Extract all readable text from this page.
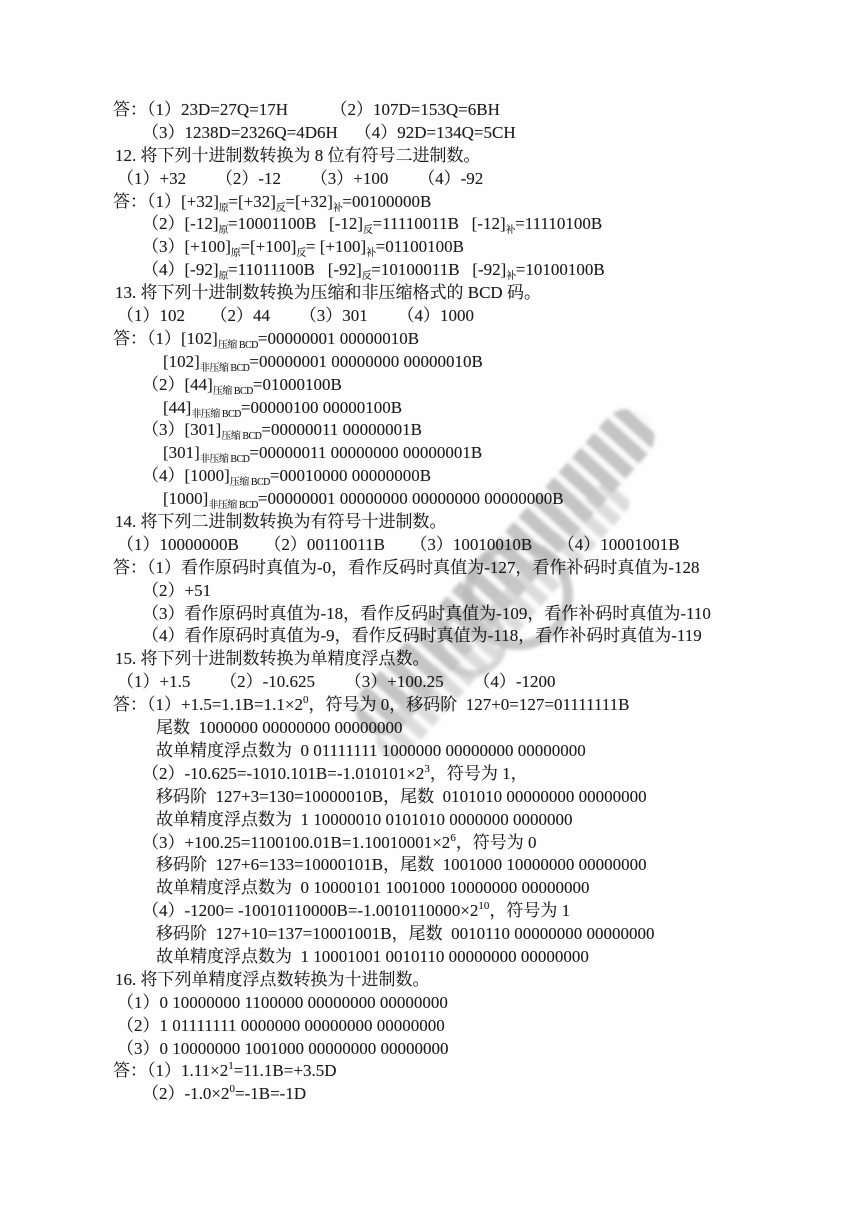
答：（1）23D=27Q=17H          （2）107D=153Q=6BH
（3）1238D=2326Q=4D6H    （4）92D=134Q=5CH
12. 将下列十进制数转换为 8 位有符号二进制数。
（1）+32       （2）-12       （3）+100       （4）-92
答：$(1)[+32]_原=[+32]_反=[+32]_补=00100000B$
$(2)[-12]_原=10001100B$   $[-12]_反=11110011B$   $[-12]_补=11110100B$
$(3)[+100]_原=[+100]_反= [+100]_补=01100100B$
$(4)[-92]_原=11011100B$   $[-92]_反=10100011B$   $[-92]_补=10100100B$
13. 将下列十进制数转换为压缩和非压缩格式的 BCD 码。
（1）102      （2）44       （3）301       （4）1000
答：$(1)[102]_{压缩 BCD}=00000001$ 00000010B
$[102]_{非压缩 BCD}=00000001$ 00000000 00000010B
$(2)[44]_{压缩 BCD}=01000100B$
$[44]_{非压缩 BCD}=00000100$ 00000100B
$(3)[301]_{压缩 BCD}=00000011$ 00000001B
$[301]_{非压缩 BCD}=00000011$ 00000000 00000001B
$(4)[1000]_{压缩 BCD}=00010000$ 00000000B
$[1000]_{非压缩 BCD}=00000001$ 00000000 00000000 00000000B
14. 将下列二进制数转换为有符号十进制数。
（1）10000000B      （2）00110011B      （3）10010010B      （4）10001001B
答：（1）看作原码时真值为-0，看作反码时真值为-127，看作补码时真值为-128
（2）+51
（3）看作原码时真值为-18，看作反码时真值为-109，看作补码时真值为-110
（4）看作原码时真值为-9，看作反码时真值为-118，看作补码时真值为-119
15. 将下列十进制数转换为单精度浮点数。
（1）+1.5       （2）-10.625       （3）+100.25       （4）-1200
答：$(1)+1.5=1.1B=1.1\times 2^0$，符号为 0，移码阶  127+0=127=01111111B
尾数  1000000 00000000 00000000
故单精度浮点数为  0 01111111 1000000 00000000 00000000
$(2)-10.625=-1010.101B=-1.010101\times 2^3$，符号为 1，
移码阶  127+3=130=10000010B，尾数  0101010 00000000 00000000
故单精度浮点数为  1 10000010 0101010 0000000 0000000
$(3)+100.25=1100100.01B=1.10010001\times 2^6$，符号为 0
移码阶  127+6=133=10000101B，尾数  1001000 10000000 00000000
故单精度浮点数为  0 10000101 1001000 10000000 00000000
$(4)-1200= -10010110000B=-1.0010110000\times 2^{10}$，符号为 1
移码阶  127+10=137=10001001B，尾数  0010110 00000000 00000000
故单精度浮点数为  1 10001001 0010110 00000000 00000000
16. 将下列单精度浮点数转换为十进制数。
（1）0 10000000 1100000 00000000 00000000
（2）1 01111111 0000000 00000000 00000000
（3）0 10000000 1001000 00000000 00000000
答：$(1)1.11\times 2^1=11.1B=+3.5D$
$(2)-1.0\times 2^0=-1B=-1D$
